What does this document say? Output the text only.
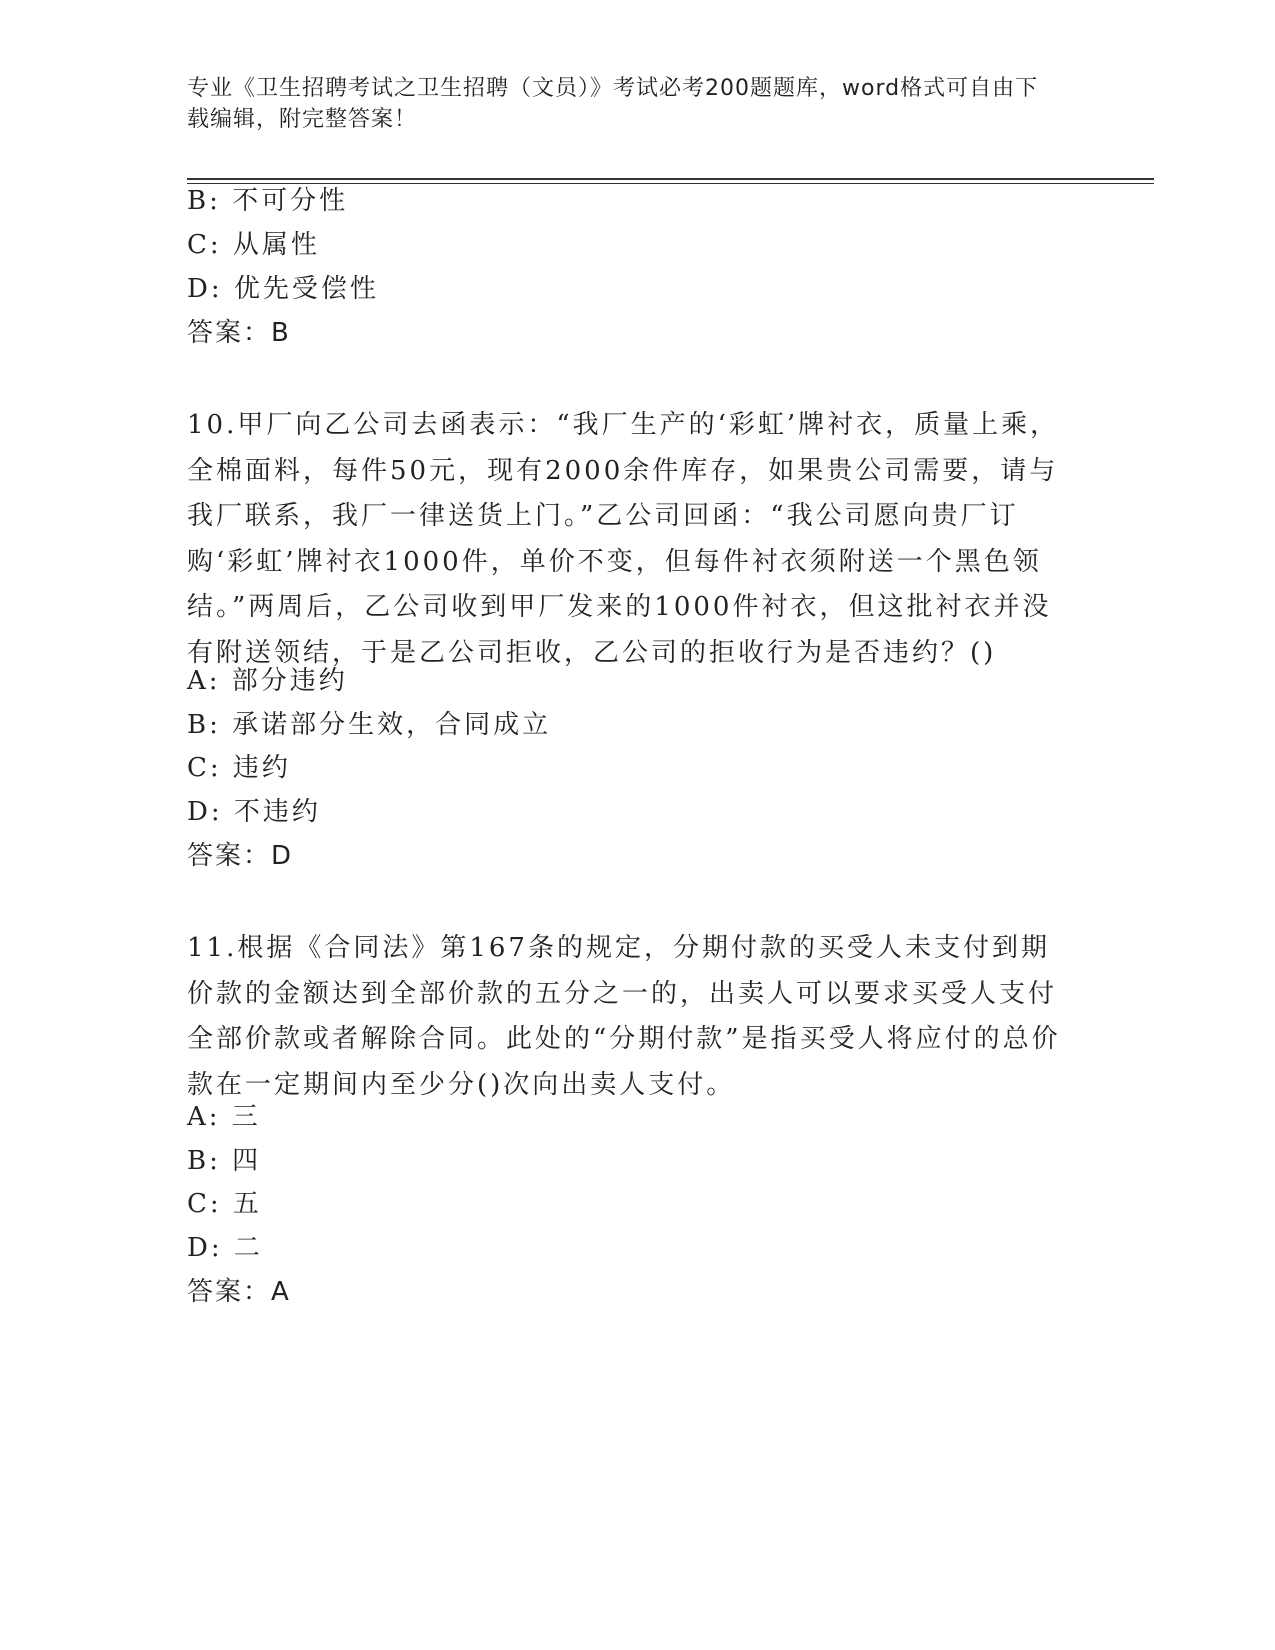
专业《卫生招聘考试之卫生招聘（文员）》考试必考200题题库，word格式可自由下载编辑，附完整答案！
B: 不可分性
C: 从属性
D: 优先受偿性
答案：B
10.甲厂向乙公司去函表示：“我厂生产的‘彩虹’牌衬衣，质量上乘，全棉面料，每件50元，现有2000余件库存，如果贵公司需要，请与我厂联系，我厂一律送货上门。”乙公司回函：“我公司愿向贵厂订购‘彩虹’牌衬衣1000件，单价不变，但每件衬衣须附送一个黑色领结。”两周后，乙公司收到甲厂发来的1000件衬衣，但这批衬衣并没有附送领结，于是乙公司拒收，乙公司的拒收行为是否违约？()
A: 部分违约
B: 承诺部分生效，合同成立
C: 违约
D: 不违约
答案：D
11.根据《合同法》第167条的规定，分期付款的买受人未支付到期价款的金额达到全部价款的五分之一的，出卖人可以要求买受人支付全部价款或者解除合同。此处的“分期付款”是指买受人将应付的总价款在一定期间内至少分()次向出卖人支付。
A: 三
B: 四
C: 五
D: 二
答案：A
